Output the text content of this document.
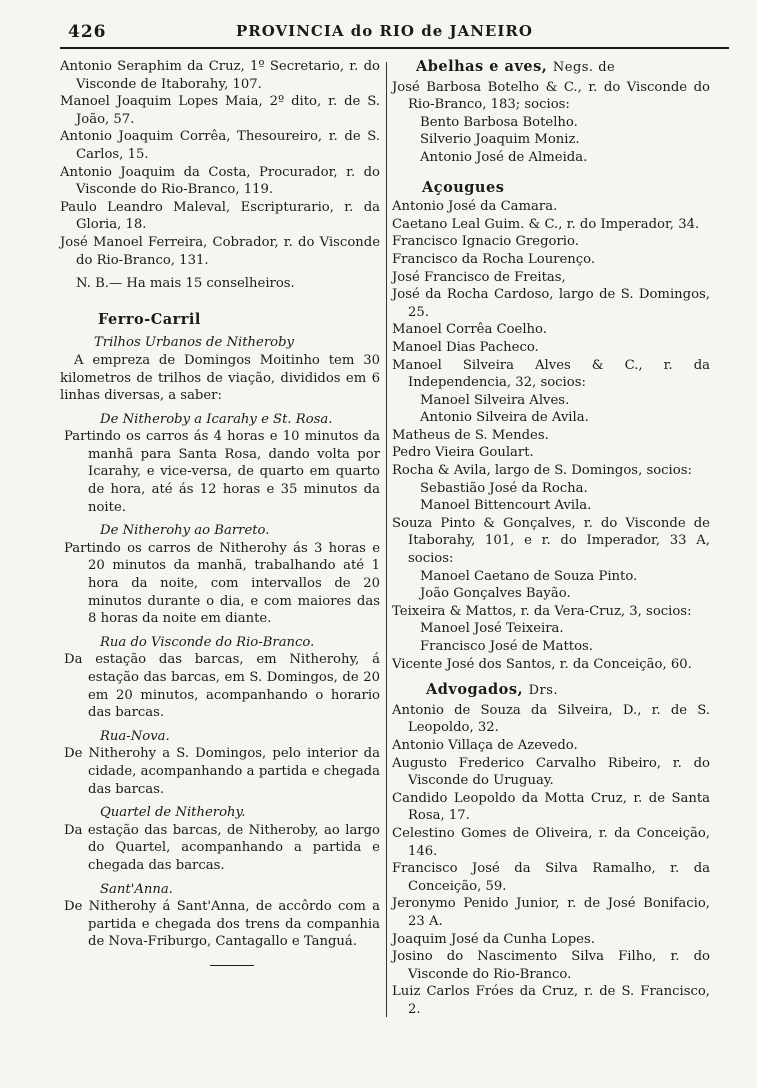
426	PROVINCIA do RIO de JANEIRO

Antonio Seraphim da Cruz, 1º Secretario, r. do Visconde de Itaborahy, 107.

Manoel Joaquim Lopes Maia, 2º dito, r. de S. João, 57.

Antonio Joaquim Corrêa, Thesoureiro, r. de S. Carlos, 15.

Antonio Joaquim da Costa, Procurador, r. do Visconde do Rio-Branco, 119.

Paulo Leandro Maleval, Escripturario, r. da Gloria, 18.

José Manoel Ferreira, Cobrador, r. do Visconde do Rio-Branco, 131.

N. B.— Ha mais 15 conselheiros.

Ferro-Carril
Trilhos Urbanos de Nitheroby

A empreza de Domingos Moitinho tem 30 kilometros de trilhos de viação, divididos em 6 linhas diversas, a saber:

De Nitheroby a Icarahy e St. Rosa.

Partindo os carros ás 4 horas e 10 minutos da manhã para Santa Rosa, dando volta por Icarahy, e vice-versa, de quarto em quarto de hora, até ás 12 horas e 35 minutos da noite.

De Nitherohy ao Barreto.

Partindo os carros de Nitherohy ás 3 horas e 20 minutos da manhã, trabalhando até 1 hora da noite, com intervallos de 20 minutos durante o dia, e com maiores das 8 horas da noite em diante.

Rua do Visconde do Rio-Branco.

Da estação das barcas, em Nitherohy, á estação das barcas, em S. Domingos, de 20 em 20 minutos, acompanhando o horario das barcas.

Rua-Nova.

De Nitherohy a S. Domingos, pelo interior da cidade, acompanhando a partida e chegada das barcas.

Quartel de Nitherohy.

Da estação das barcas, de Nitheroby, ao largo do Quartel, acompanhando a partida e chegada das barcas.

Sant'Anna.

De Nitherohy á Sant'Anna, de accôrdo com a partida e chegada dos trens da companhia de Nova-Friburgo, Cantagallo e Tanguá.

Abelhas e aves, Negs. de

José Barbosa Botelho & C., r. do Visconde do Rio-Branco, 183; socios:

Bento Barbosa Botelho.

Silverio Joaquim Moniz.

Antonio José de Almeida.

Açougues

Antonio José da Camara.

Caetano Leal Guim. & C., r. do Imperador, 34.

Francisco Ignacio Gregorio.

Francisco da Rocha Lourenço.

José Francisco de Freitas,

José da Rocha Cardoso, largo de S. Domingos, 25.

Manoel Corrêa Coelho.

Manoel Dias Pacheco.

Manoel Silveira Alves & C., r. da Independencia, 32, socios:

Manoel Silveira Alves.

Antonio Silveira de Avila.

Matheus de S. Mendes.

Pedro Vieira Goulart.

Rocha & Avila, largo de S. Domingos, socios:

Sebastião José da Rocha.

Manoel Bittencourt Avila.

Souza Pinto & Gonçalves, r. do Visconde de Itaborahy, 101, e r. do Imperador, 33 A, socios:

Manoel Caetano de Souza Pinto.

João Gonçalves Bayão.

Teixeira & Mattos, r. da Vera-Cruz, 3, socios:

Manoel José Teixeira.

Francisco José de Mattos.

Vicente José dos Santos, r. da Conceição, 60.

Advogados, Drs.

Antonio de Souza da Silveira, D., r. de S. Leopoldo, 32.

Antonio Villaça de Azevedo.

Augusto Frederico Carvalho Ribeiro, r. do Visconde do Uruguay.

Candido Leopoldo da Motta Cruz, r. de Santa Rosa, 17.

Celestino Gomes de Oliveira, r. da Conceição, 146.

Francisco José da Silva Ramalho, r. da Conceição, 59.

Jeronymo Penido Junior, r. de José Bonifacio, 23 A.

Joaquim José da Cunha Lopes.

Josino do Nascimento Silva Filho, r. do Visconde do Rio-Branco.

Luiz Carlos Fróes da Cruz, r. de S. Francisco, 2.
